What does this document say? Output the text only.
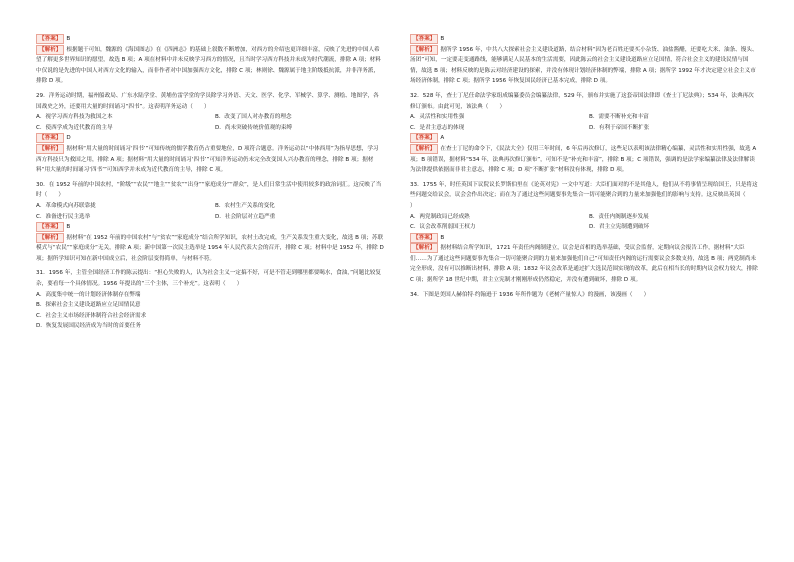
【答案】 B

【解析】 根据题干可知，魏源的《海国图志》在《四洲志》的基础上叙数不断增加，对西方的介绍也更详细丰富，反映了先进的中国人希望了解更多世界知识的愿望，故选 B 项；A 项在材料中并未反映学习西方的情况，且当时学习西方科技并未成为时代潮流，排除 A 项；材料中仅说的是先进的中国人对西方文化的输入，而非作者对中国加强西方文化，排除 C 项；林则徐、魏源属于地主阶级抵抗派，并非洋务派，排除 D 项。

29．洋务运动时期，福州船政局、广东水陆学堂、黄埔鱼雷学堂的学员除学习外语、天文、医学、化学、军械学、算学、测绘、地图学，各国战史之外，还要用大量的时间诵习“四书”。这表明洋务运动（　　）

A．视学习西方科技为救国之本	B．改变了国人对办教育的理念
C．使西学成为近代教育的主导	D．尚未突破传统价值观的束缚

【答案】 D

【解析】 据材料“用大量的时间诵习‘四书’”可知传统的儒学教育仍占重要地位，D 项符合题意。洋务运动以“中体西用”为指导思想，学习西方科技只为救国之用，排除 A 项；据材料“用大量的时间诵习‘四书’”可知洋务运动仍未完全改变国人兴办教育的理念，排除 B 项；据材料“用大量的时间诵习‘四书’”可知西学并未成为近代教育的主导，排除 C 项。

30．在 1952 年前的中国农村，“阶级”“农民”“地主”“贫农”“出身”“家庭成分”“群众”，是人们日常生活中使用较多的政治词汇。这反映了当时（　　）

A．革命模式向苏联靠拢	B．农村生产关系的变化
C．准备进行民主选举	D．社会阶层对立趋严重

【答案】 B

【解析】 据材料“在 1952 年前的中国农村”与“贫农”“家庭成分”结合所学知识，农村土改完成，生产关系发生重大变化，故选 B 项；苏联模式与“农民”“家庭成分”无关，排除 A 项；新中国第一次民主选举是 1954 年人民代表大会的召开，排除 C 项；材料中是 1952 年，排除 D 项；据所学知识可知在新中国成立后，社会阶层变得简单，与材料不符。

31．1956 年，主管全国经济工作的陈云提出：“担心失败的人，认为社会主义一定搞不好，可是不管走到哪里都要喝水，食油，”问题比较复杂，要看每一个具体情况。1956 年提出的“三个主体，三个补充”。这表明（　　）

A．高度集中统一的计划经济体制存在弊端
B．探索社会主义建设道路应立足国情民意
C．社会主义市场经济体制符合社会经济需求
D．恢复发展国民经济成为当时的首要任务

【答案】 B

【解析】 据所学 1956 年，中共八大探索社会主义建设道路，结合材料“因为老百姓还要买小杂货、油盐酱醋，还要吃大米、油条、馒头、汤团”可知，一定要走变通路线，能够满足人民基本的生活需要，因此陈云的社会主义建设道路应立足国情，符合社会主义的建设民情与国情，故选 B 项；材料反映的是陈云对经济建设的探索，并没有体现计划经济体制的弊端，排除 A 项；据所学 1992 年才决定建立社会主义市场经济体制，排除 C 项；据所学 1956 年恢复国民经济已基本完成，排除 D 项。

32．528 年，查士丁尼任命法学家组成编纂委员会编纂法律，529 年，颁布并实施了这套帝国法律即《查士丁尼法典》；534 年，法典再次修订颁布。由此可见，该法典（　　）

A．灵活性和实用性强	B．需要不断补充和丰富
C．是君主意志的体现	D．有利于帝国不断扩张

【答案】 A

【解析】 在查士丁尼的命令下，《民法大全》仅用三年时间，6 年后再次修订，这些足以表明该法律精心编纂，灵活性和实用性强，故选 A 项；B 项错误，据材料“534 年，法典再次修订颁布”，可知不是“补充和丰富”，排除 B 项；C 项错误，强调的是法学家编纂法律及法律解读为法律提供依据而非君主意志，排除 C 项；D 项“不断扩张”材料没有体现，排除 D 项。

33．1755 年，时任英国下议院议长罗斯伯里在《论英对宪》一文中写道：大臣们面对的不是其他人，他们从不将事情呈现给国王，只是将这些问题交给议会，议会会作出决定；而在为了通过这些问题要事先集合一切可能聚合到的力量来加强他们的影响与支持。这反映出英国（　　）

A．两党制政局已经成熟	B．责任内阁制逐步发展
C．议会改革削弱国王权力	D．君主立宪制遭到破坏

【答案】 B

【解析】 据材料结合所学知识，1721 年责任内阁制建立，议会是首相的选举基础，受议会监督，定期向议会报告工作，据材料“大臣们……为了通过这些问题要事先集合一切可能聚合到的力量来加强他们自己”可知责任内阁的运行需要议会多数支持，故选 B 项；两党制尚未完全形成，没有可以推断出材料，排除 A 项；1832 年议会改革是通过扩大选民范围实现的改革，此后在相当长的时期内议会权力较大，排除 C 项；据所学 18 世纪中期，君主立宪制才刚刚形成仍然稳定，并没有遭到破坏，排除 D 项。

34．下图是美国人赫伯特·约翰逊于 1936 年所作题为《老树产量惊人》的漫画，该漫画（　　）
